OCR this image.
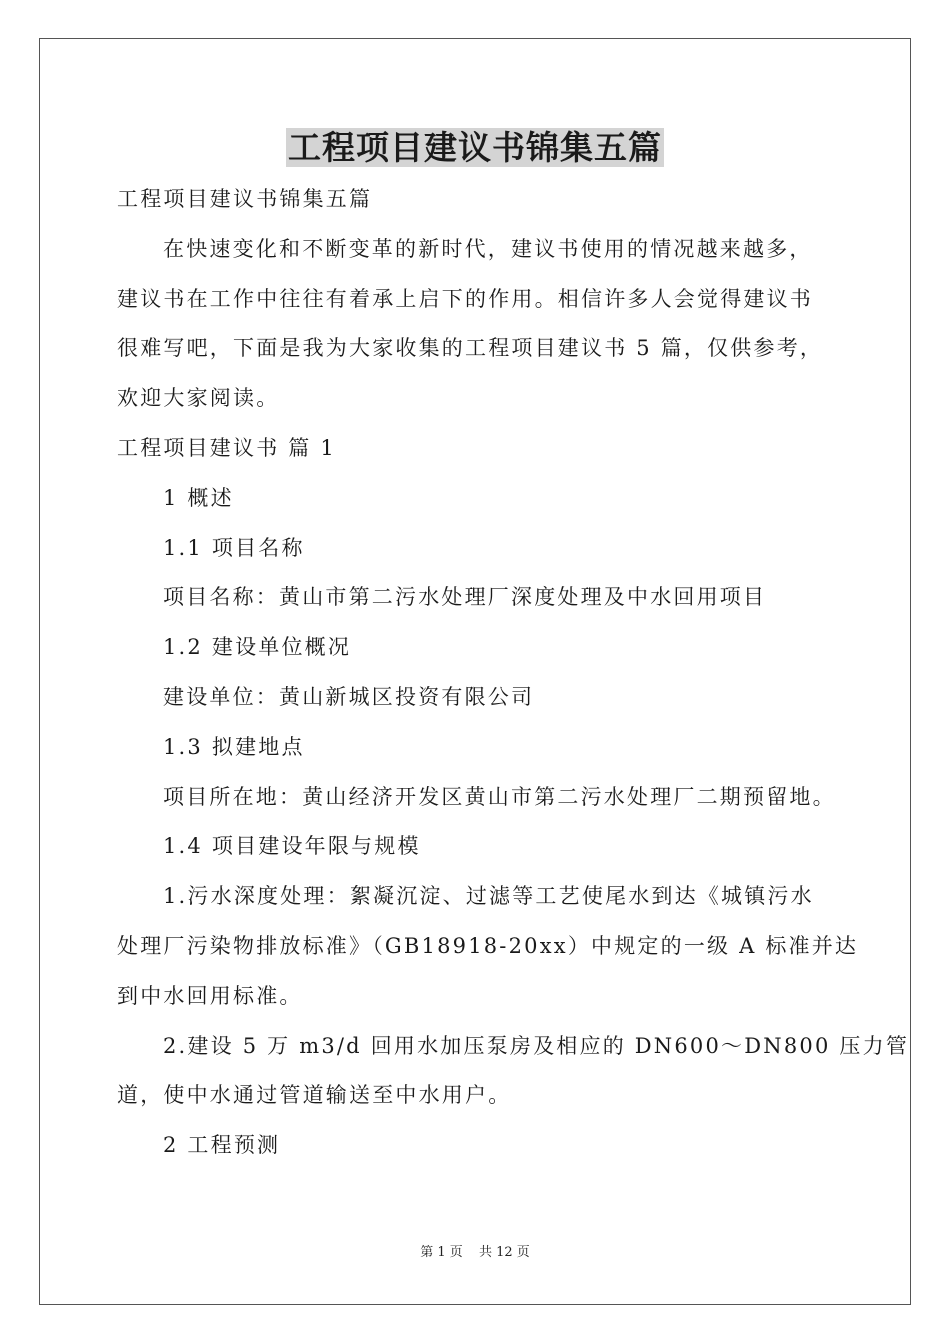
工程项目建议书锦集五篇

工程项目建议书锦集五篇

在快速变化和不断变革的新时代，建议书使用的情况越来越多，

建议书在工作中往往有着承上启下的作用。相信许多人会觉得建议书

很难写吧，下面是我为大家收集的工程项目建议书 5 篇，仅供参考，

欢迎大家阅读。

工程项目建议书 篇 1

1 概述

1.1 项目名称

项目名称：黄山市第二污水处理厂深度处理及中水回用项目

1.2 建设单位概况

建设单位：黄山新城区投资有限公司

1.3 拟建地点

项目所在地：黄山经济开发区黄山市第二污水处理厂二期预留地。

1.4 项目建设年限与规模

1.污水深度处理：絮凝沉淀、过滤等工艺使尾水到达《城镇污水

处理厂污染物排放标准》（GB18918-20xx）中规定的一级 A 标准并达

到中水回用标准。

2.建设 5 万 m3/d 回用水加压泵房及相应的 DN600～DN800 压力管

道，使中水通过管道输送至中水用户。

2 工程预测

第 1 页 共 12 页
